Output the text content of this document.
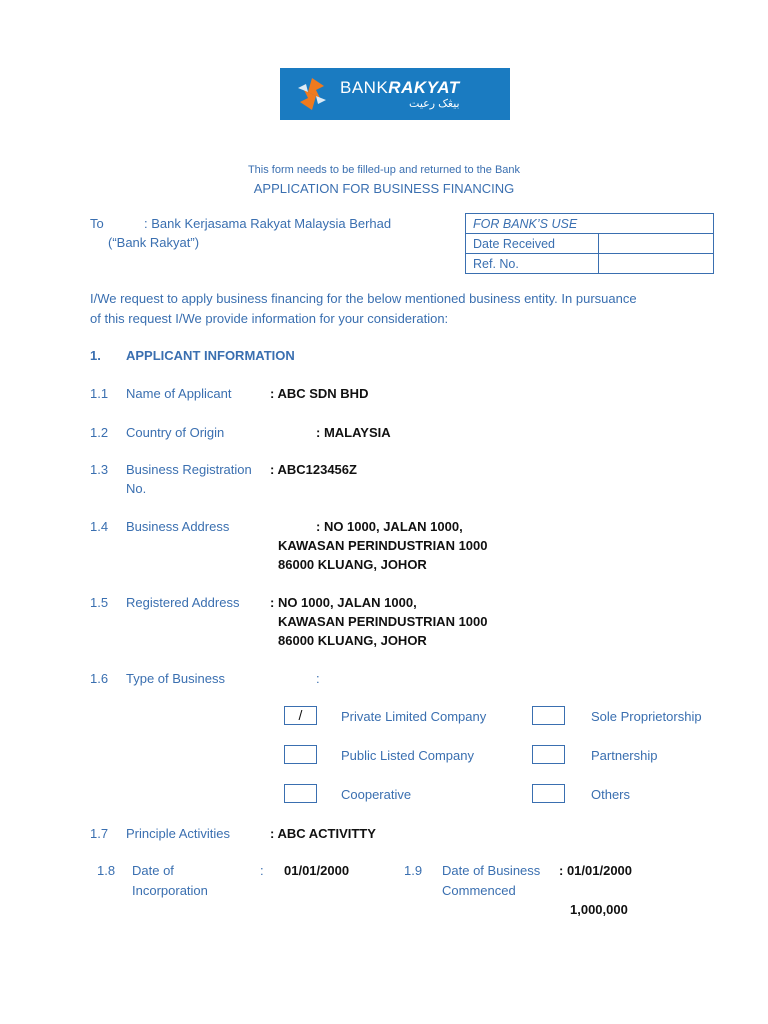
BANKRAKYAT
بيڠک رعيت
This form needs to be filled-up and returned to the Bank
APPLICATION FOR BUSINESS FINANCING
To	: Bank Kerjasama Rakyat Malaysia Berhad
(“Bank Rakyat”)
FOR BANK’S USE	
Date Received	
Ref. No.	
I/We request to apply business financing for the below mentioned business entity. In pursuance
of this request I/We provide information for your consideration:
1. APPLICANT INFORMATION
1.1 Name of Applicant	: ABC SDN BHD
1.2 Country of Origin	: MALAYSIA
1.3 Business Registration
No.
: ABC123456Z
1.4 Business Address	: NO 1000, JALAN 1000,
KAWASAN PERINDUSTRIAN 1000
86000 KLUANG, JOHOR
1.5 Registered Address : NO 1000, JALAN 1000,
KAWASAN PERINDUSTRIAN 1000
86000 KLUANG, JOHOR
1.6 Type of Business	:
/	Private Limited Company	Sole Proprietorship
Public Listed Company	Partnership
Cooperative	Others
1.7 Principle Activities	: ABC ACTIVITTY
1.8 Date of
Incorporation
: 01/01/2000	1.9 Date of Business
Commenced
: 01/01/2000
1,000,000
